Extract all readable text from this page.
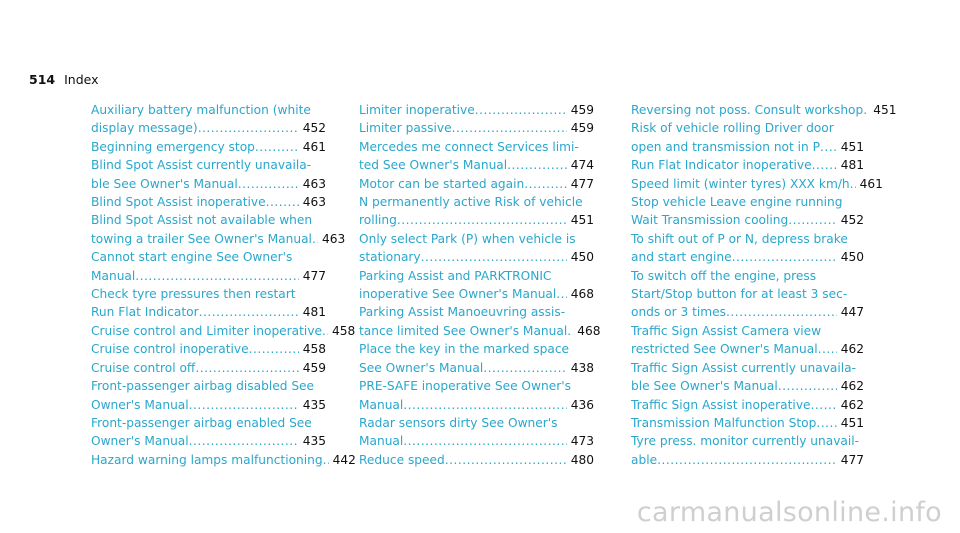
514 Index
Auxiliary battery malfunction (white
display message) .....	452
Beginning emergency stop .....	461
Blind Spot Assist currently unavaila-
ble See Owner's Manual .....	463
Blind Spot Assist inoperative .....	463
Blind Spot Assist not available when
towing a trailer See Owner's Manual ..... 463
Cannot start engine See Owner's
Manual .....	477
Check tyre pressures then restart
Run Flat Indicator .....	481
Cruise control and Limiter inoperative ..... 458
Cruise control inoperative .....	458
Cruise control off .....	459
Front-passenger airbag disabled See
Owner's Manual .....	435
Front-passenger airbag enabled See
Owner's Manual .....	435
Hazard warning lamps malfunctioning ..... 442
Limiter inoperative .....	459
Limiter passive .....	459
Mercedes me connect Services limi-
ted See Owner's Manual .....	474
Motor can be started again .....	477
N permanently active Risk of vehicle
rolling .....	451
Only select Park (P) when vehicle is
stationary .....	450
Parking Assist and PARKTRONIC
inoperative See Owner's Manual .....	468
Parking Assist Manoeuvring assis-
tance limited See Owner's Manual ..... 468
Place the key in the marked space
See Owner's Manual .....	438
PRE-SAFE inoperative See Owner's
Manual .....	436
Radar sensors dirty See Owner's
Manual .....	473
Reduce speed .....	480
Reversing not poss. Consult workshop ..... 451
Risk of vehicle rolling Driver door
open and transmission not in P .....	451
Run Flat Indicator inoperative .....	481
Speed limit (winter tyres) XXX km/h ..... 461
Stop vehicle Leave engine running
Wait Transmission cooling .....	452
To shift out of P or N, depress brake
and start engine .....	450
To switch off the engine, press
Start/Stop button for at least 3 sec-
onds or 3 times .....	447
Traffic Sign Assist Camera view
restricted See Owner's Manual .....	462
Traffic Sign Assist currently unavaila-
ble See Owner's Manual .....	462
Traffic Sign Assist inoperative .....	462
Transmission Malfunction Stop .....	451
Tyre press. monitor currently unavail-
able .....	477
carmanualsonline.info
